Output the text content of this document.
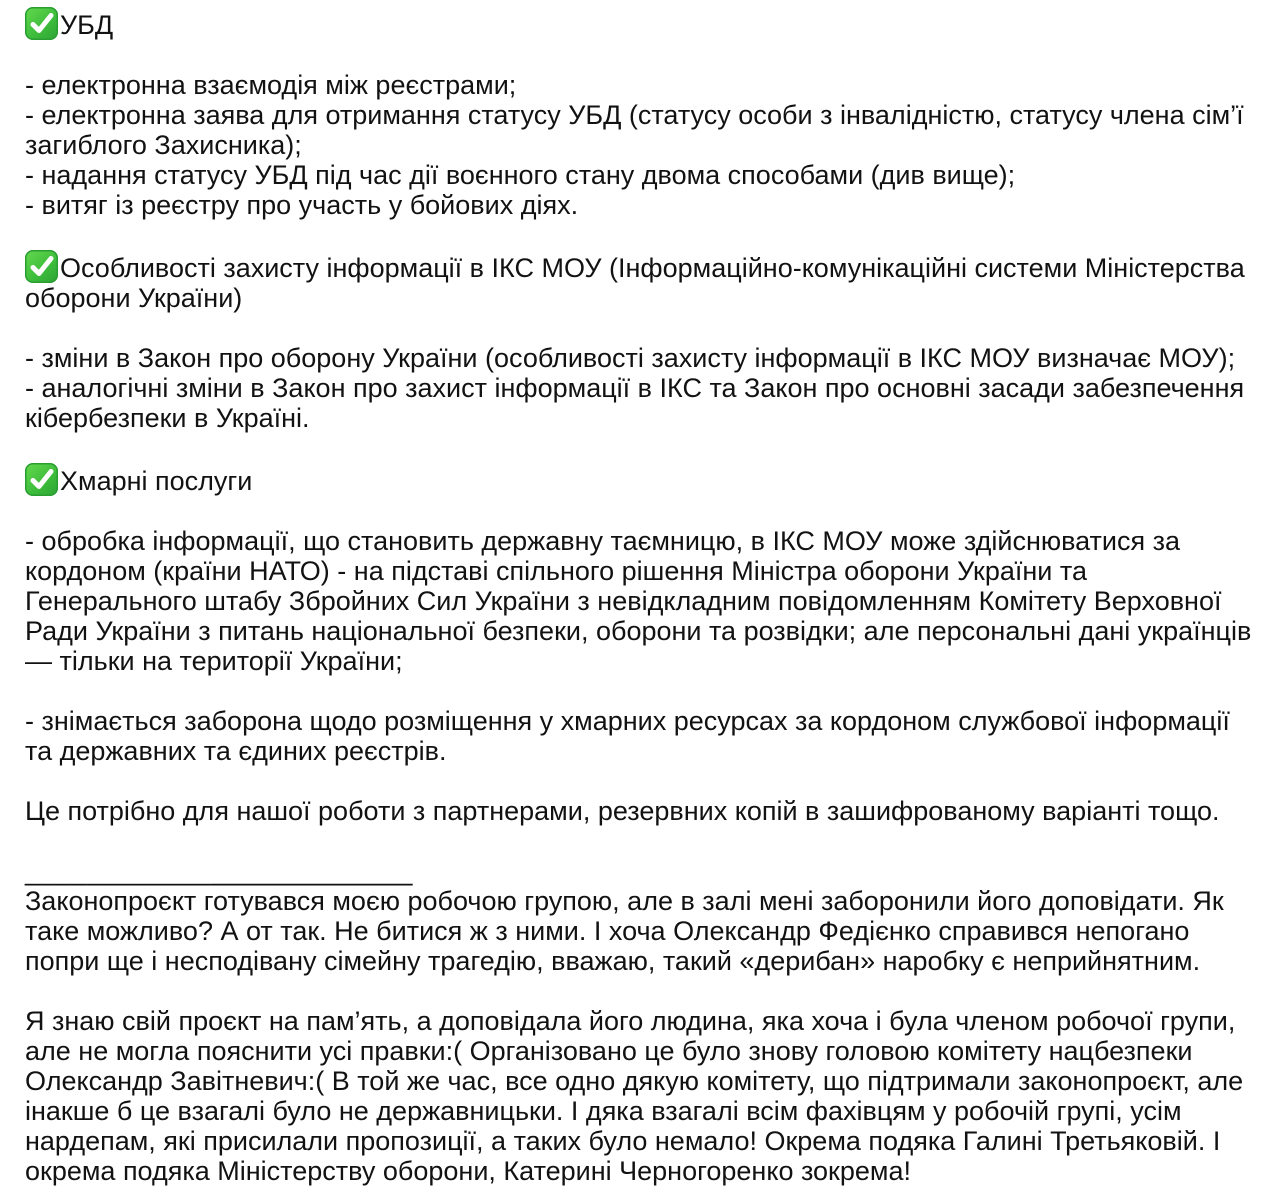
УБД

- електронна взаємодія між реєстрами;
- електронна заява для отримання статусу УБД (статусу особи з інвалідністю, статусу члена сім’ї загиблого Захисника);
- надання статусу УБД під час дії воєнного стану двома способами (див вище);
- витяг із реєстру про участь у бойових діях.

Особливості захисту інформації в ІКС МОУ (Інформаційно-комунікаційні системи Міністерства оборони України)

- зміни в Закон про оборону України (особливості захисту інформації в ІКС МОУ визначає МОУ);
- аналогічні зміни в Закон про захист інформації в ІКС та Закон про основні засади забезпечення кібербезпеки в Україні.

Хмарні послуги

- обробка інформації, що становить державну таємницю, в ІКС МОУ може здійснюватися за кордоном (країни НАТО) - на підставі спільного рішення Міністра оборони України та Генерального штабу Збройних Сил України з невідкладним повідомленням Комітету Верховної Ради України з питань національної безпеки, оборони та розвідки; але персональні дані українців — тільки на території України;
- знімається заборона щодо розміщення у хмарних ресурсах за кордоном службової інформації та державних та єдиних реєстрів.

Це потрібно для нашої роботи з партнерами, резервних копій в зашифрованому варіанті тощо.

_________________________
Законопроєкт готувався моєю робочою групою, але в залі мені заборонили його доповідати. Як таке можливо? А от так. Не битися ж з ними. І хоча Олександр Федієнко справився непогано попри ще і несподівану сімейну трагедію, вважаю, такий «дерибан» наробку є неприйнятним.

Я знаю свій проєкт на пам’ять, а доповідала його людина, яка хоча і була членом робочої групи, але не могла пояснити усі правки:( Організовано це було знову головою комітету нацбезпеки Олександр Завітневич:( В той же час, все одно дякую комітету, що підтримали законопроєкт, але інакше б це взагалі було не державницьки. І дяка взагалі всім фахівцям у робочій групі, усім нардепам, які присилали пропозиції, а таких було немало! Окрема подяка Галині Третьяковій. І окрема подяка Міністерству оборони, Катерині Черногоренко зокрема!
